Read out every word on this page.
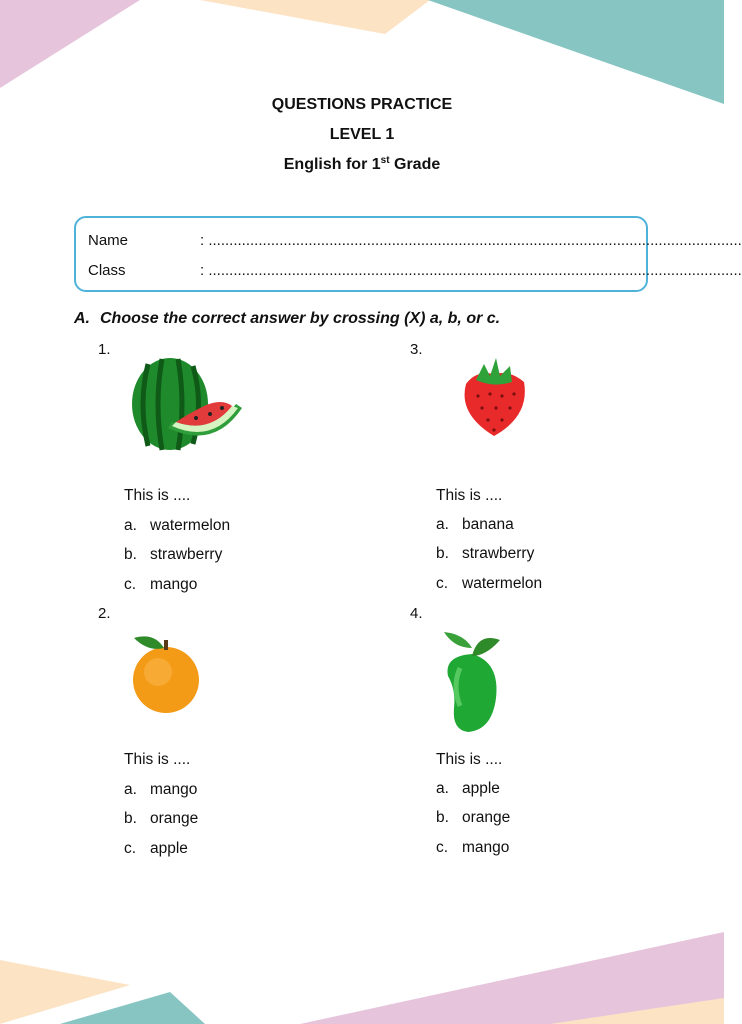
QUESTIONS PRACTICE
LEVEL 1
English for 1st Grade
Name	: ................................................................................................................................
Class	: ................................................................................................................................
A. Choose the correct answer by crossing (X) a, b, or c.
1.
This is ....
a. watermelon
b. strawberry
c. mango
2.
This is ....
a. mango
b. orange
c. apple
3.
This is ....
a. banana
b. strawberry
c. watermelon
4.
This is ....
a. apple
b. orange
c. mango
